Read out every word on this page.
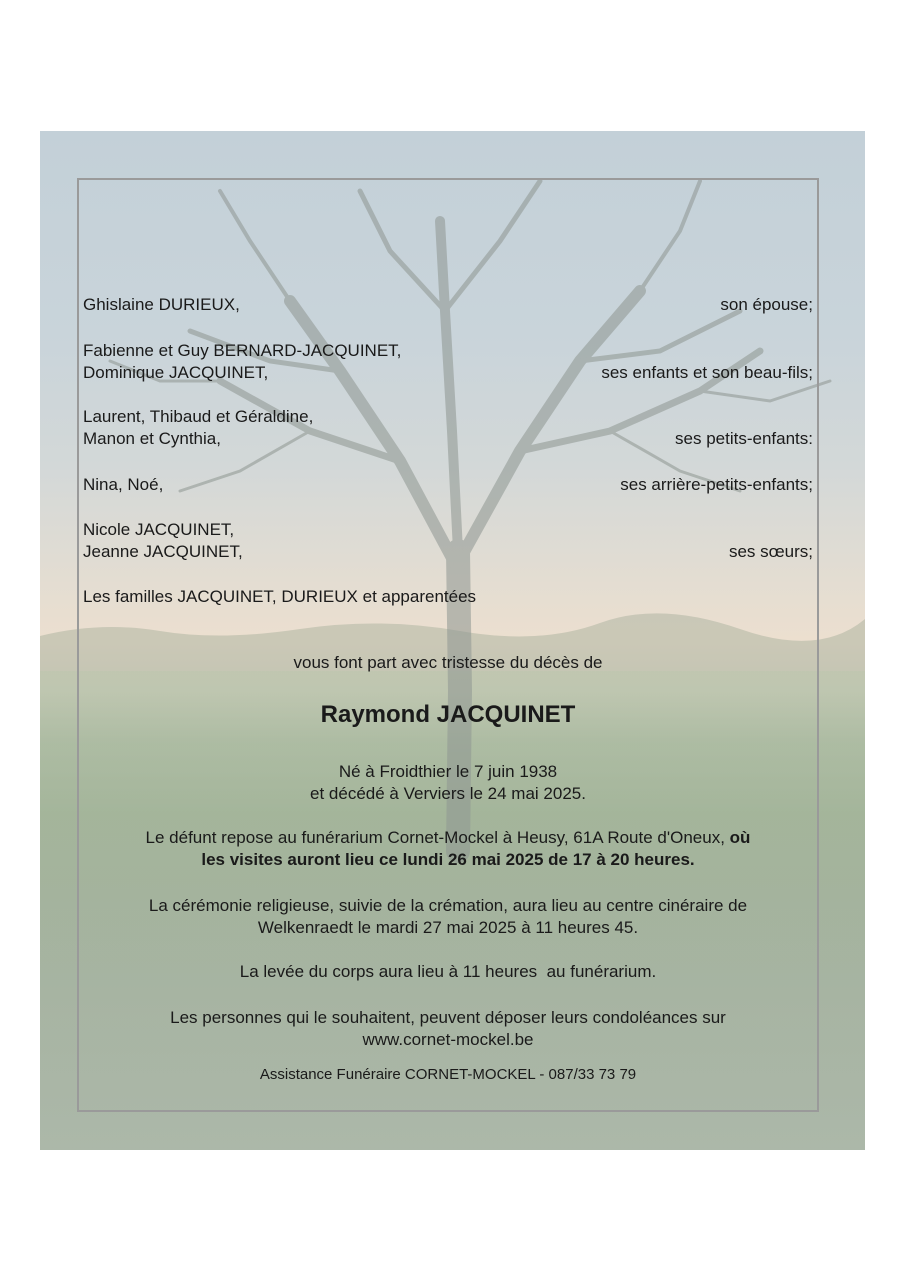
Ghislaine DURIEUX,	son épouse;
Fabienne et Guy BERNARD-JACQUINET,
Dominique JACQUINET,	ses enfants et son beau-fils;
Laurent, Thibaud et Géraldine,
Manon et Cynthia,	ses petits-enfants:
Nina, Noé,	ses arrière-petits-enfants;
Nicole JACQUINET,
Jeanne JACQUINET,	ses sœurs;
Les familles JACQUINET, DURIEUX et apparentées
vous font part avec tristesse du décès de
Raymond JACQUINET
Né à Froidthier le 7 juin 1938
et décédé à Verviers le 24 mai 2025.
Le défunt repose au funérarium Cornet-Mockel à Heusy, 61A Route d'Oneux, où
les visites auront lieu ce lundi 26 mai 2025 de 17 à 20 heures.
La cérémonie religieuse, suivie de la crémation, aura lieu au centre cinéraire de
Welkenraedt le mardi 27 mai 2025 à 11 heures 45.
La levée du corps aura lieu à 11 heures  au funérarium.
Les personnes qui le souhaitent, peuvent déposer leurs condoléances sur
www.cornet-mockel.be
Assistance Funéraire CORNET-MOCKEL - 087/33 73 79
